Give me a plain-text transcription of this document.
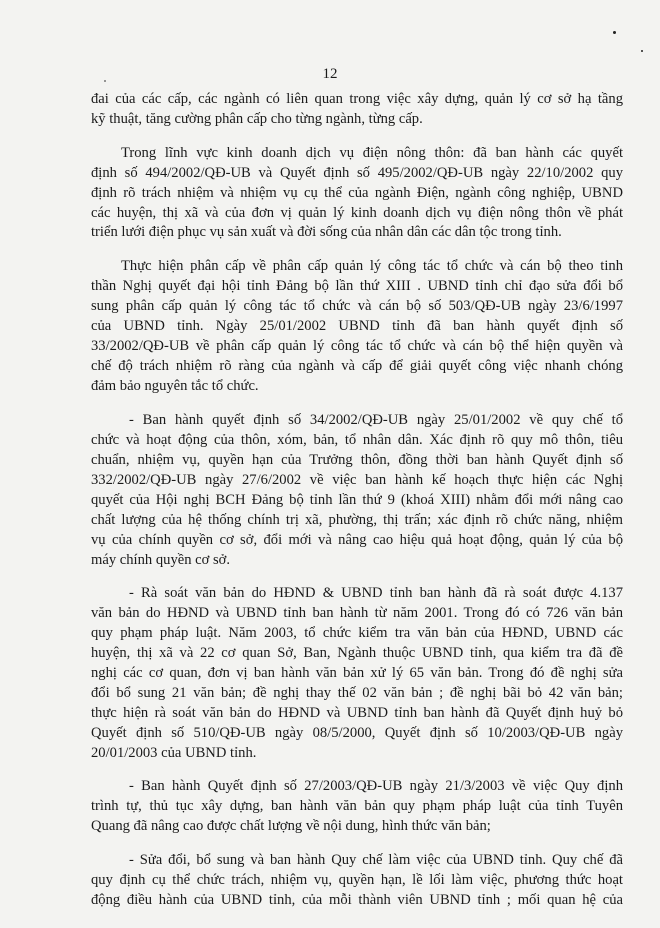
12
đai của các cấp, các ngành có liên quan trong việc xây dựng, quản lý cơ sở hạ tầng
kỹ thuật, tăng cường phân cấp cho từng ngành, từng cấp.
Trong lĩnh vực kinh doanh dịch vụ điện nông thôn: đã ban hành các quyết
định số 494/2002/QĐ-UB và Quyết định số 495/2002/QĐ-UB ngày 22/10/2002 quy
định rõ trách nhiệm và nhiệm vụ cụ thể của ngành Điện, ngành công nghiệp, UBND
các huyện, thị xã và của đơn vị quản lý kinh doanh dịch vụ điện nông thôn về phát
triển lưới điện phục vụ sản xuất và đời sống của nhân dân các dân tộc trong tỉnh.
Thực hiện phân cấp về phân cấp quản lý công tác tổ chức và cán bộ theo tinh
thần Nghị quyết đại hội tỉnh Đảng bộ lần thứ XIII . UBND tỉnh chỉ đạo sửa đổi bổ
sung phân cấp quản lý công tác tổ chức và cán bộ số 503/QĐ-UB ngày 23/6/1997
của UBND tỉnh. Ngày 25/01/2002 UBND tỉnh đã ban hành quyết định số
33/2002/QĐ-UB về phân cấp quản lý công tác tổ chức và cán bộ thể hiện quyền và
chế độ trách nhiệm rõ ràng của ngành và cấp để giải quyết công việc nhanh chóng
đảm bảo nguyên tắc tổ chức.
- Ban hành quyết định số 34/2002/QĐ-UB ngày 25/01/2002 về quy chế tổ
chức và hoạt động của thôn, xóm, bản, tổ nhân dân. Xác định rõ quy mô thôn, tiêu
chuẩn, nhiệm vụ, quyền hạn của Trưởng thôn, đồng thời ban hành Quyết định số
332/2002/QĐ-UB ngày 27/6/2002 về việc ban hành kế hoạch thực hiện các Nghị
quyết của Hội nghị BCH Đảng bộ tỉnh lần thứ 9 (khoá XIII) nhằm đổi mới nâng cao
chất lượng của hệ thống chính trị xã, phường, thị trấn; xác định rõ chức năng, nhiệm
vụ của chính quyền cơ sở, đổi mới và nâng cao hiệu quả hoạt động, quản lý của bộ
máy chính quyền cơ sở.
- Rà soát văn bản do HĐND & UBND tỉnh ban hành đã rà soát được 4.137
văn bản do HĐND và UBND tỉnh ban hành từ năm 2001. Trong đó có 726 văn bản
quy phạm pháp luật. Năm 2003, tổ chức kiểm tra văn bản của HĐND, UBND các
huyện, thị xã và 22 cơ quan Sở, Ban, Ngành thuộc UBND tỉnh, qua kiểm tra đã đề
nghị các cơ quan, đơn vị ban hành văn bản xử lý 65 văn bản. Trong đó đề nghị sửa
đổi bổ sung 21 văn bản; đề nghị thay thế 02 văn bản ; đề nghị bãi bỏ 42 văn bản;
thực hiện rà soát văn bản do HĐND và UBND tỉnh ban hành đã Quyết định huỷ bỏ
Quyết định số 510/QĐ-UB ngày 08/5/2000, Quyết định số 10/2003/QĐ-UB ngày
20/01/2003 của UBND tỉnh.
- Ban hành Quyết định số 27/2003/QĐ-UB ngày 21/3/2003 về việc Quy định
trình tự, thủ tục xây dựng, ban hành văn bản quy phạm pháp luật của tỉnh Tuyên
Quang đã nâng cao được chất lượng về nội dung, hình thức văn bản;
- Sửa đổi, bổ sung và ban hành Quy chế làm việc của UBND tỉnh. Quy chế đã
quy định cụ thể chức trách, nhiệm vụ, quyền hạn, lề lối làm việc, phương thức hoạt
động điều hành của UBND tỉnh, của mỗi thành viên UBND tỉnh ; mối quan hệ của
